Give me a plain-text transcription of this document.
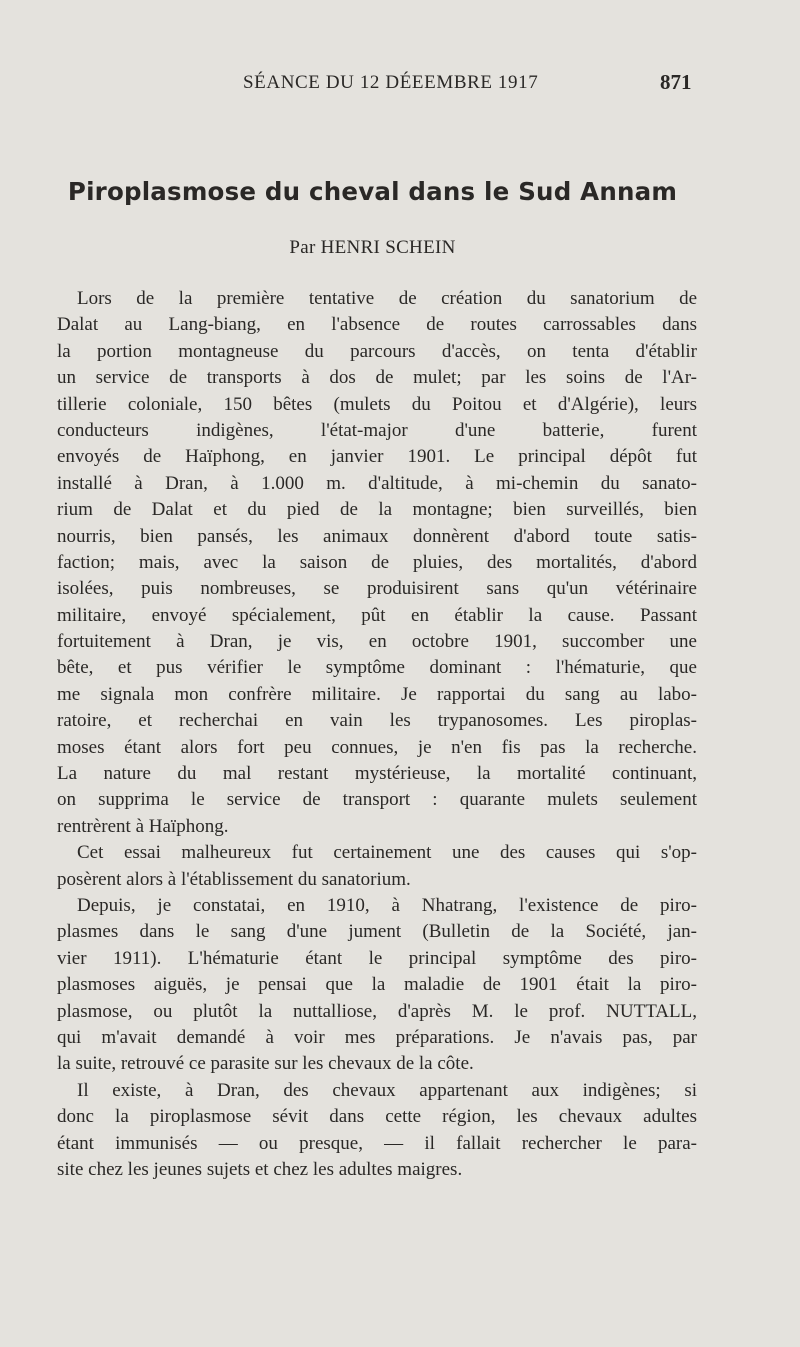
SÉANCE DU 12 DÉEEMBRE 1917	871
Piroplasmose du cheval dans le Sud Annam
Par HENRI SCHEIN
Lors de la première tentative de création du sanatorium de
Dalat au Lang-biang, en l'absence de routes carrossables dans
la portion montagneuse du parcours d'accès, on tenta d'établir
un service de transports à dos de mulet; par les soins de l'Ar-
tillerie coloniale, 150 bêtes (mulets du Poitou et d'Algérie), leurs
conducteurs indigènes, l'état-major d'une batterie, furent
envoyés de Haïphong, en janvier 1901. Le principal dépôt fut
installé à Dran, à 1.000 m. d'altitude, à mi-chemin du sanato-
rium de Dalat et du pied de la montagne; bien surveillés, bien
nourris, bien pansés, les animaux donnèrent d'abord toute satis-
faction; mais, avec la saison de pluies, des mortalités, d'abord
isolées, puis nombreuses, se produisirent sans qu'un vétérinaire
militaire, envoyé spécialement, pût en établir la cause. Passant
fortuitement à Dran, je vis, en octobre 1901, succomber une
bête, et pus vérifier le symptôme dominant : l'hématurie, que
me signala mon confrère militaire. Je rapportai du sang au labo-
ratoire, et recherchai en vain les trypanosomes. Les piroplas-
moses étant alors fort peu connues, je n'en fis pas la recherche.
La nature du mal restant mystérieuse, la mortalité continuant,
on supprima le service de transport : quarante mulets seulement
rentrèrent à Haïphong.
Cet essai malheureux fut certainement une des causes qui s'op-
posèrent alors à l'établissement du sanatorium.
Depuis, je constatai, en 1910, à Nhatrang, l'existence de piro-
plasmes dans le sang d'une jument (Bulletin de la Société, jan-
vier 1911). L'hématurie étant le principal symptôme des piro-
plasmoses aiguës, je pensai que la maladie de 1901 était la piro-
plasmose, ou plutôt la nuttalliose, d'après M. le prof. NUTTALL,
qui m'avait demandé à voir mes préparations. Je n'avais pas, par
la suite, retrouvé ce parasite sur les chevaux de la côte.
Il existe, à Dran, des chevaux appartenant aux indigènes; si
donc la piroplasmose sévit dans cette région, les chevaux adultes
étant immunisés — ou presque, — il fallait rechercher le para-
site chez les jeunes sujets et chez les adultes maigres.
